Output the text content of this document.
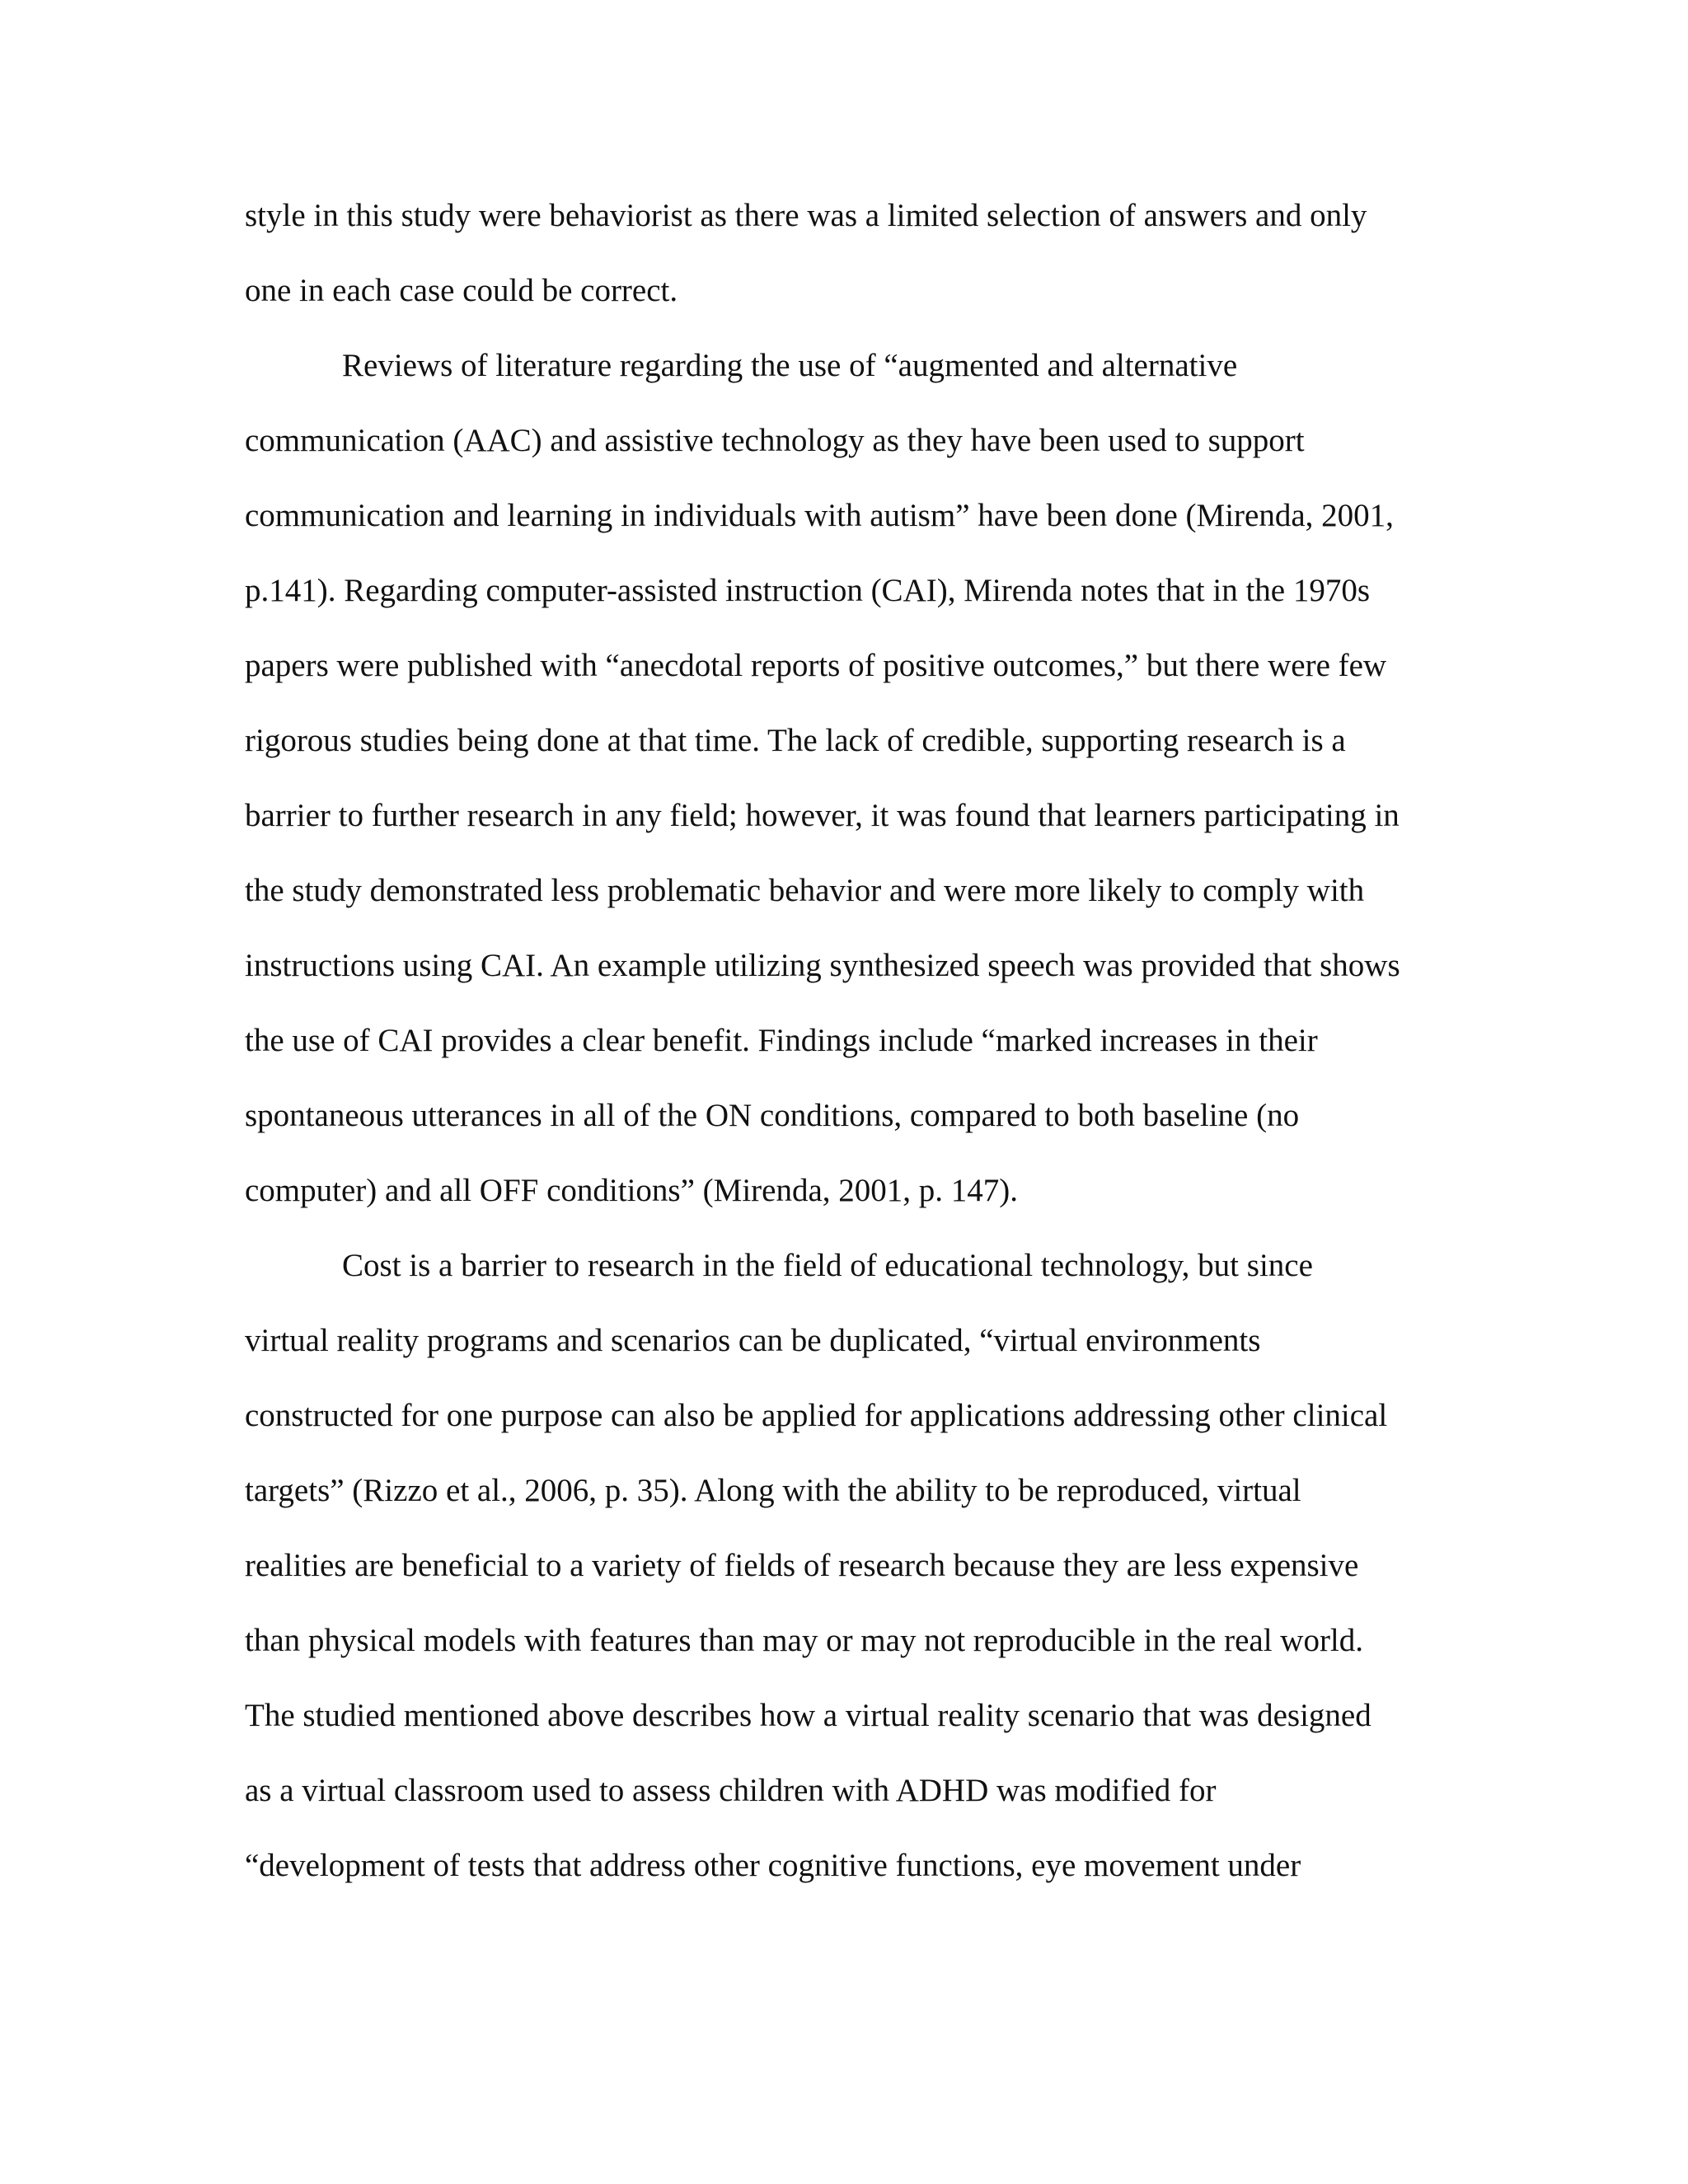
style in this study were behaviorist as there was a limited selection of answers and only
one in each case could be correct.
Reviews of literature regarding the use of “augmented and alternative
communication (AAC) and assistive technology as they have been used to support
communication and learning in individuals with autism” have been done (Mirenda, 2001,
p.141). Regarding computer-assisted instruction (CAI), Mirenda notes that in the 1970s
papers were published with “anecdotal reports of positive outcomes,” but there were few
rigorous studies being done at that time. The lack of credible, supporting research is a
barrier to further research in any field; however, it was found that learners participating in
the study demonstrated less problematic behavior and were more likely to comply with
instructions using CAI. An example utilizing synthesized speech was provided that shows
the use of CAI provides a clear benefit. Findings include “marked increases in their
spontaneous utterances in all of the ON conditions, compared to both baseline (no
computer) and all OFF conditions” (Mirenda, 2001, p. 147).
Cost is a barrier to research in the field of educational technology, but since
virtual reality programs and scenarios can be duplicated, “virtual environments
constructed for one purpose can also be applied for applications addressing other clinical
targets” (Rizzo et al., 2006, p. 35). Along with the ability to be reproduced, virtual
realities are beneficial to a variety of fields of research because they are less expensive
than physical models with features than may or may not reproducible in the real world.
The studied mentioned above describes how a virtual reality scenario that was designed
as a virtual classroom used to assess children with ADHD was modified for
“development of tests that address other cognitive functions, eye movement under
